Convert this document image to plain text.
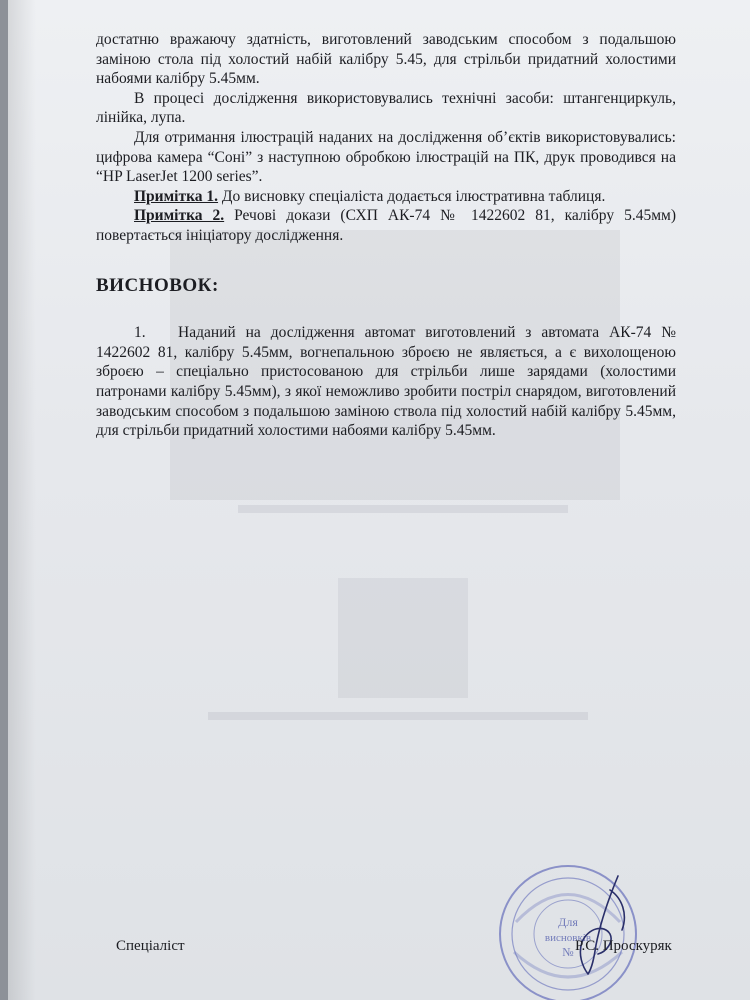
достатню вражаючу здатність, виготовлений заводським способом з подальшою заміною стола під холостий набій калібру 5.45, для стрільби придатний холостими набоями калібру 5.45мм.

В процесі дослідження використовувались технічні засоби: штангенциркуль, лінійка, лупа.

Для отримання ілюстрацій наданих на дослідження об’єктів використовувались: цифрова камера “Соні” з наступною обробкою ілюстрацій на ПК, друк проводився на “HP LaserJet 1200 series”.

Примітка 1. До висновку спеціаліста додається ілюстративна таблиця.

Примітка 2. Речові докази (СХП АК-74 № 1422602 81, калібру 5.45мм) повертається ініціатору дослідження.

ВИСНОВОК:

1. Наданий на дослідження автомат виготовлений з автомата АК-74 № 1422602 81, калібру 5.45мм, вогнепальною зброєю не являється, а є вихолощеною зброєю – спеціально пристосованою для стрільби лише зарядами (холостими патронами калібру 5.45мм), з якої неможливо зробити постріл снарядом, виготовлений заводським способом з подальшою заміною ствола під холостий набій калібру 5.45мм, для стрільби придатний холостими набоями калібру 5.45мм.

Для
висновків
№
Спеціаліст	Р.С. Проскуряк
